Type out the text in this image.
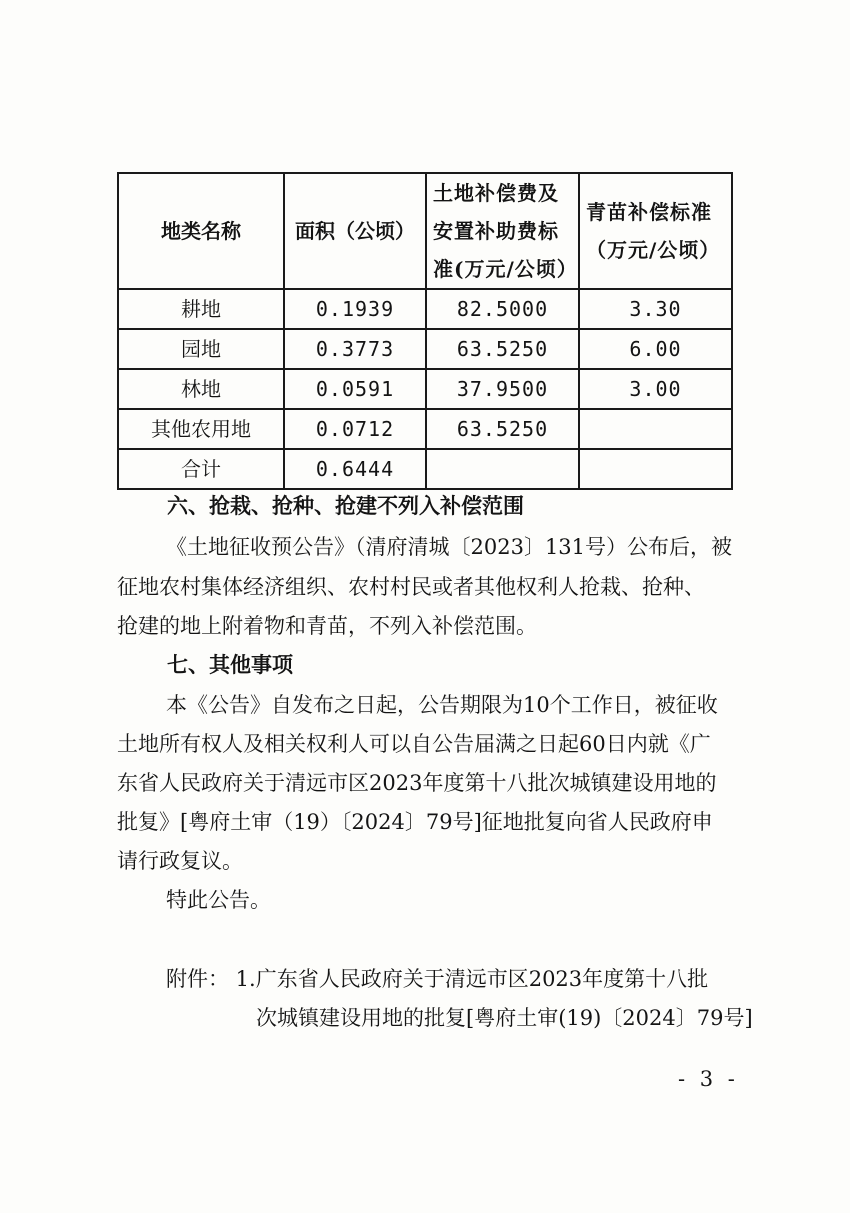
地类名称	面积（公顷）	土地补偿费及安置补助费标准(万元/公顷）	青苗补偿标准（万元/公顷）
耕地	0.1939	82.5000	3.30
园地	0.3773	63.5250	6.00
林地	0.0591	37.9500	3.00
其他农用地	0.0712	63.5250	
合计	0.6444		
六、抢栽、抢种、抢建不列入补偿范围
《土地征收预公告》（清府清城〔2023〕131号）公布后，被
征地农村集体经济组织、农村村民或者其他权利人抢栽、抢种、
抢建的地上附着物和青苗，不列入补偿范围。
七、其他事项
本《公告》自发布之日起，公告期限为10个工作日，被征收
土地所有权人及相关权利人可以自公告届满之日起60日内就《广
东省人民政府关于清远市区2023年度第十八批次城镇建设用地的
批复》[粤府土审（19）〔2024〕79号]征地批复向省人民政府申
请行政复议。
特此公告。
附件： 1.广东省人民政府关于清远市区2023年度第十八批
次城镇建设用地的批复[粤府土审(19)〔2024〕79号]
- 3 -
